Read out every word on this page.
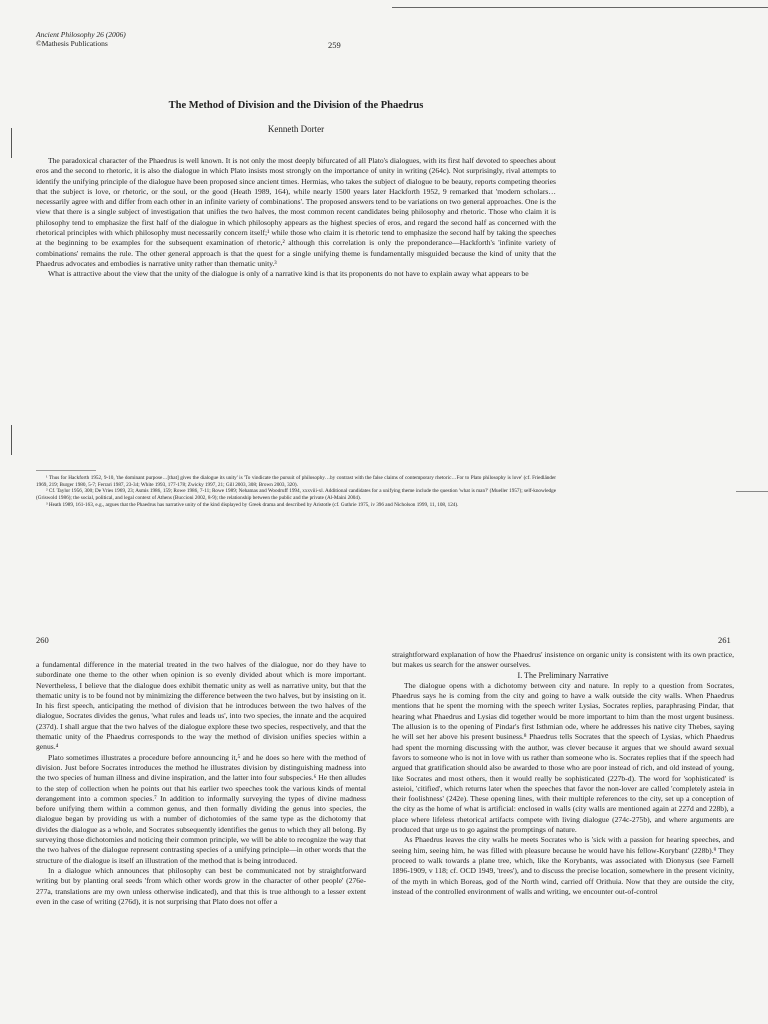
Ancient Philosophy 26 (2006)
©Mathesis Publications	259
The Method of Division and the Division of the Phaedrus
Kenneth Dorter

The paradoxical character of the Phaedrus is well known. It is not only the most deeply bifurcated of all Plato's dialogues, with its first half devoted to speeches about eros and the second to rhetoric, it is also the dialogue in which Plato insists most strongly on the importance of unity in writing (264c). Not surprisingly, rival attempts to identify the unifying principle of the dialogue have been proposed since ancient times. Hermias, who takes the subject of dialogue to be beauty, reports competing theories that the subject is love, or rhetoric, or the soul, or the good (Heath 1989, 164), while nearly 1500 years later Hackforth 1952, 9 remarked that 'modern scholars…necessarily agree with and differ from each other in an infinite variety of combinations'. The proposed answers tend to be variations on two general approaches. One is the view that there is a single subject of investigation that unifies the two halves, the most common recent candidates being philosophy and rhetoric. Those who claim it is philosophy tend to emphasize the first half of the dialogue in which philosophy appears as the highest species of eros, and regard the second half as concerned with the rhetorical principles with which philosophy must necessarily concern itself;¹ while those who claim it is rhetoric tend to emphasize the second half by taking the speeches at the beginning to be examples for the subsequent examination of rhetoric,² although this correlation is only the preponderance—Hackforth's 'infinite variety of combinations' remains the rule. The other general approach is that the quest for a single unifying theme is fundamentally misguided because the kind of unity that the Phaedrus advocates and embodies is narrative unity rather than thematic unity.³

What is attractive about the view that the unity of the dialogue is only of a narrative kind is that its proponents do not have to explain away what appears to be

¹ Thus for Hackforth 1952, 9-10, 'the dominant purpose…[that] gives the dialogue its unity' is 'To vindicate the pursuit of philosophy…by contrast with the false claims of contemporary rhetoric…For to Plato philosophy is love' (cf. Friedländer 1969, 219; Burger 1980, 5-7; Ferrari 1987, 23-34; White 1993, 177-178; Zwicky 1997, 21; Gill 2003, 308; Brown 2003, 320).

² Cf. Taylor 1956, 300; De Vries 1969, 23; Asmis 1986, 159; Rowe 1986, 7-11; Rowe 1989; Nehamas and Woodruff 1994, xxxviii-xl. Additional candidates for a unifying theme include the question 'what is man?' (Mueller 1957); self-knowledge (Griswold 1986); the social, political, and legal context of Athens (Buccioni 2002, 8-9); the relationship between the public and the private (Al-Maini 2004).

³ Heath 1989, 161-163, e.g., argues that the Phaedrus has narrative unity of the kind displayed by Greek drama and described by Aristotle (cf. Guthrie 1975, iv 396 and Nicholson 1999, 11, 108, 124).

260	261

a fundamental difference in the material treated in the two halves of the dialogue, nor do they have to subordinate one theme to the other when opinion is so evenly divided about which is more important. Nevertheless, I believe that the dialogue does exhibit thematic unity as well as narrative unity, but that the thematic unity is to be found not by minimizing the difference between the two halves, but by insisting on it. In his first speech, anticipating the method of division that he introduces between the two halves of the dialogue, Socrates divides the genus, 'what rules and leads us', into two species, the innate and the acquired (237d). I shall argue that the two halves of the dialogue explore these two species, respectively, and that the thematic unity of the Phaedrus corresponds to the way the method of division unifies species within a genus.⁴

Plato sometimes illustrates a procedure before announcing it,⁵ and he does so here with the method of division. Just before Socrates introduces the method he illustrates division by distinguishing madness into the two species of human illness and divine inspiration, and the latter into four subspecies.⁶ He then alludes to the step of collection when he points out that his earlier two speeches took the various kinds of mental derangement into a common species.⁷ In addition to informally surveying the types of divine madness before unifying them within a common genus, and then formally dividing the genus into species, the dialogue began by providing us with a number of dichotomies of the same type as the dichotomy that divides the dialogue as a whole, and Socrates subsequently identifies the genus to which they all belong. By surveying those dichotomies and noticing their common principle, we will be able to recognize the way that the two halves of the dialogue represent contrasting species of a unifying principle—in other words that the structure of the dialogue is itself an illustration of the method that is being introduced.

In a dialogue which announces that philosophy can best be communicated not by straightforward writing but by planting oral seeds 'from which other words grow in the character of other people' (276e-277a, translations are my own unless otherwise indicated), and that this is true although to a lesser extent even in the case of writing (276d), it is not surprising that Plato does not offer a

straightforward explanation of how the Phaedrus' insistence on organic unity is consistent with its own practice, but makes us search for the answer ourselves.

I. The Preliminary Narrative

The dialogue opens with a dichotomy between city and nature. In reply to a question from Socrates, Phaedrus says he is coming from the city and going to have a walk outside the city walls. When Phaedrus mentions that he spent the morning with the speech writer Lysias, Socrates replies, paraphrasing Pindar, that hearing what Phaedrus and Lysias did together would be more important to him than the most urgent business. The allusion is to the opening of Pindar's first Isthmian ode, where he addresses his native city Thebes, saying he will set her above his present business.⁸ Phaedrus tells Socrates that the speech of Lysias, which Phaedrus had spent the morning discussing with the author, was clever because it argues that we should award sexual favors to someone who is not in love with us rather than someone who is. Socrates replies that if the speech had argued that gratification should also be awarded to those who are poor instead of rich, and old instead of young, like Socrates and most others, then it would really be sophisticated (227b-d). The word for 'sophisticated' is asteioi, 'citified', which returns later when the speeches that favor the non-lover are called 'completely asteia in their foolishness' (242e). These opening lines, with their multiple references to the city, set up a conception of the city as the home of what is artificial: enclosed in walls (city walls are mentioned again at 227d and 228b), a place where lifeless rhetorical artifacts compete with living dialogue (274c-275b), and where arguments are produced that urge us to go against the promptings of nature.

As Phaedrus leaves the city walls he meets Socrates who is 'sick with a passion for hearing speeches, and seeing him, seeing him, he was filled with pleasure because he would have his fellow-Korybant' (228b).⁹ They proceed to walk towards a plane tree, which, like the Korybants, was associated with Dionysus (see Farnell 1896-1909, v 118; cf. OCD 1949, 'trees'), and to discuss the precise location, somewhere in the present vicinity, of the myth in which Boreas, god of the North wind, carried off Orithuia. Now that they are outside the city, instead of the controlled environment of walls and writing, we encounter out-of-control
